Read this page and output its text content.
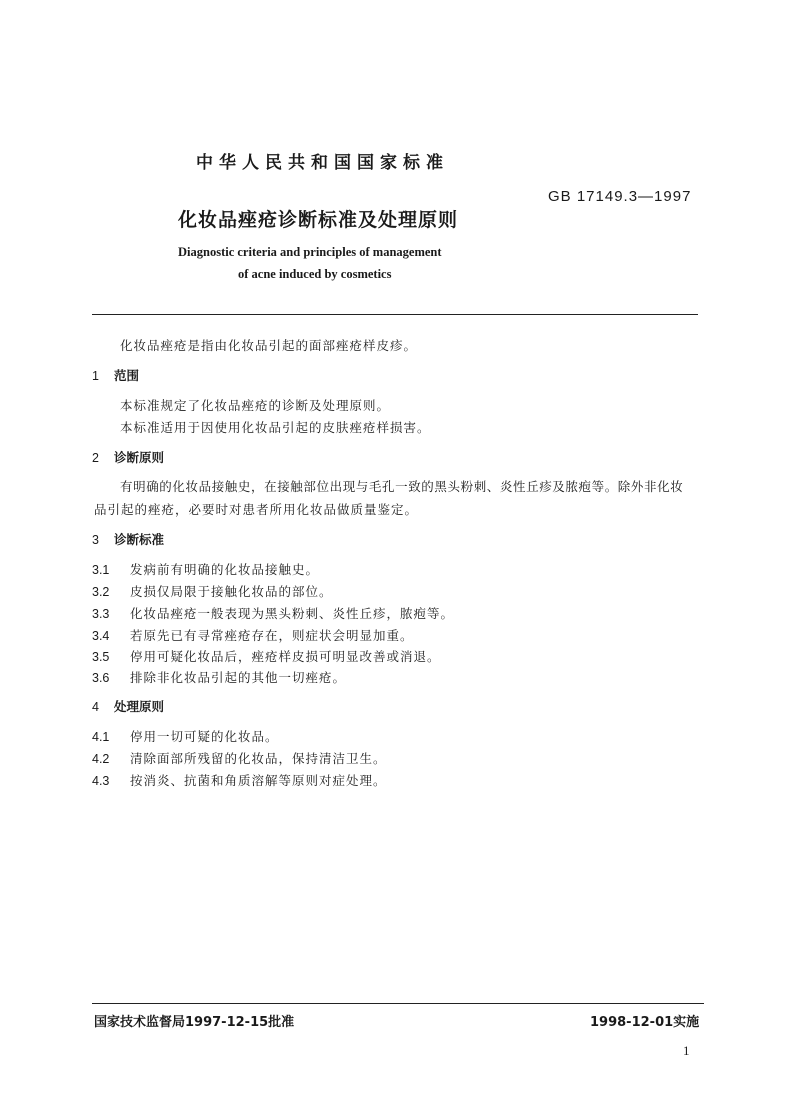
中华人民共和国国家标准
GB 17149.3—1997
化妆品痤疮诊断标准及处理原则
Diagnostic criteria and principles of management
of acne induced by cosmetics
化妆品痤疮是指由化妆品引起的面部痤疮样皮疹。
1 范围
本标准规定了化妆品痤疮的诊断及处理原则。
本标准适用于因使用化妆品引起的皮肤痤疮样损害。
2 诊断原则
有明确的化妆品接触史，在接触部位出现与毛孔一致的黑头粉刺、炎性丘疹及脓疱等。除外非化妆
品引起的痤疮，必要时对患者所用化妆品做质量鉴定。
3 诊断标准
3.1 发病前有明确的化妆品接触史。
3.2 皮损仅局限于接触化妆品的部位。
3.3 化妆品痤疮一般表现为黑头粉刺、炎性丘疹，脓疱等。
3.4 若原先已有寻常痤疮存在，则症状会明显加重。
3.5 停用可疑化妆品后，痤疮样皮损可明显改善或消退。
3.6 排除非化妆品引起的其他一切痤疮。
4 处理原则
4.1 停用一切可疑的化妆品。
4.2 清除面部所残留的化妆品，保持清洁卫生。
4.3 按消炎、抗菌和角质溶解等原则对症处理。
国家技术监督局1997-12-15批准	1998-12-01实施
1
